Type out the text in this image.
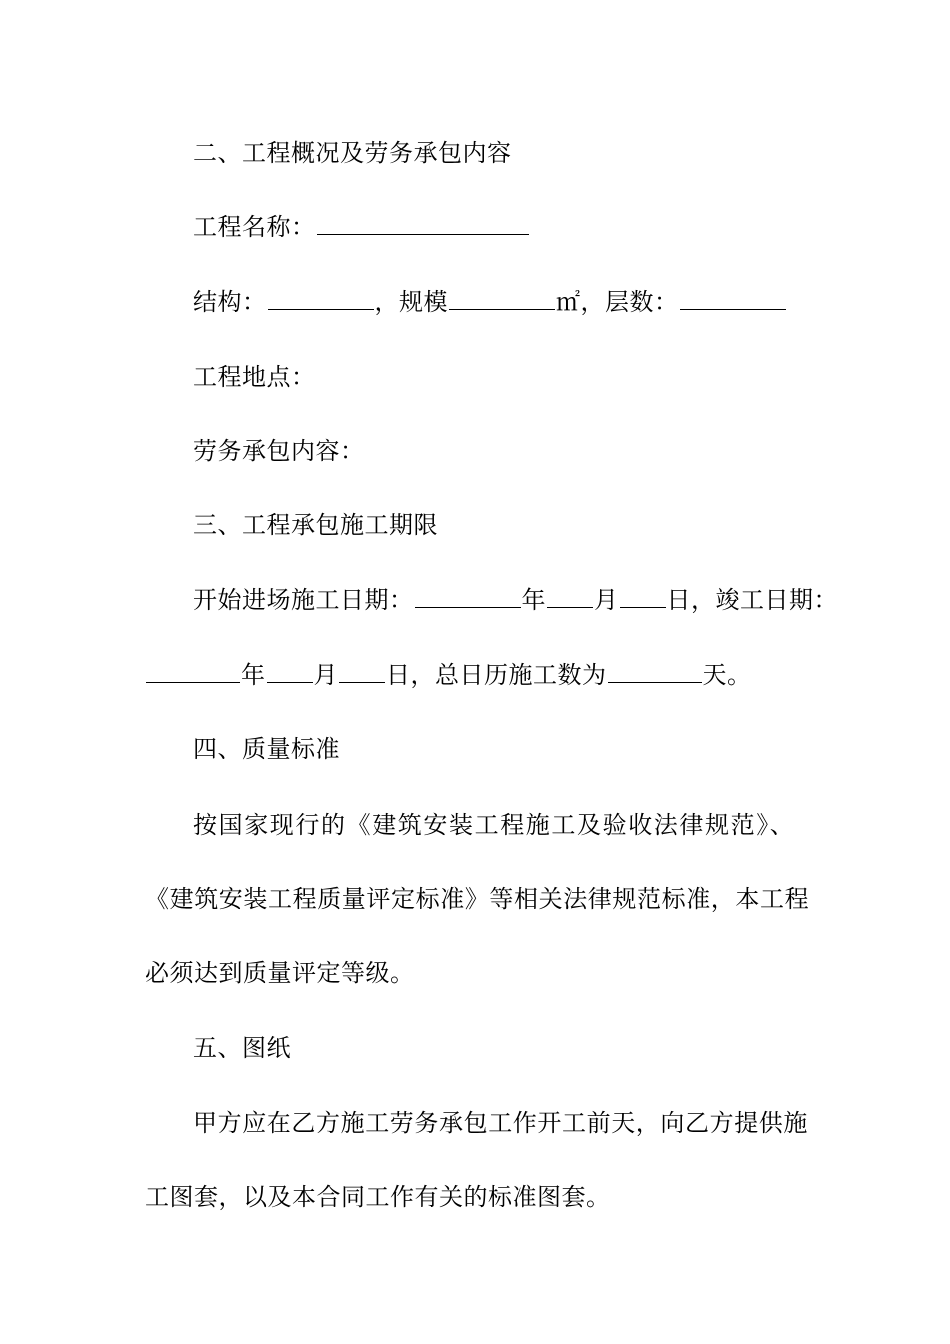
二、工程概况及劳务承包内容
工程名称：
结构：	，规模	㎡，层数：
工程地点：
劳务承包内容：
三、工程承包施工期限
开始进场施工日期：	年 月 日，竣工日期：
年 月 日，总日历施工数为	天。
四、质量标准
按国家现行的《建筑安装工程施工及验收法律规范》、
《建筑安装工程质量评定标准》等相关法律规范标准，本工程
必须达到质量评定等级。
五、图纸
甲方应在乙方施工劳务承包工作开工前天，向乙方提供施
工图套，以及本合同工作有关的标准图套。
